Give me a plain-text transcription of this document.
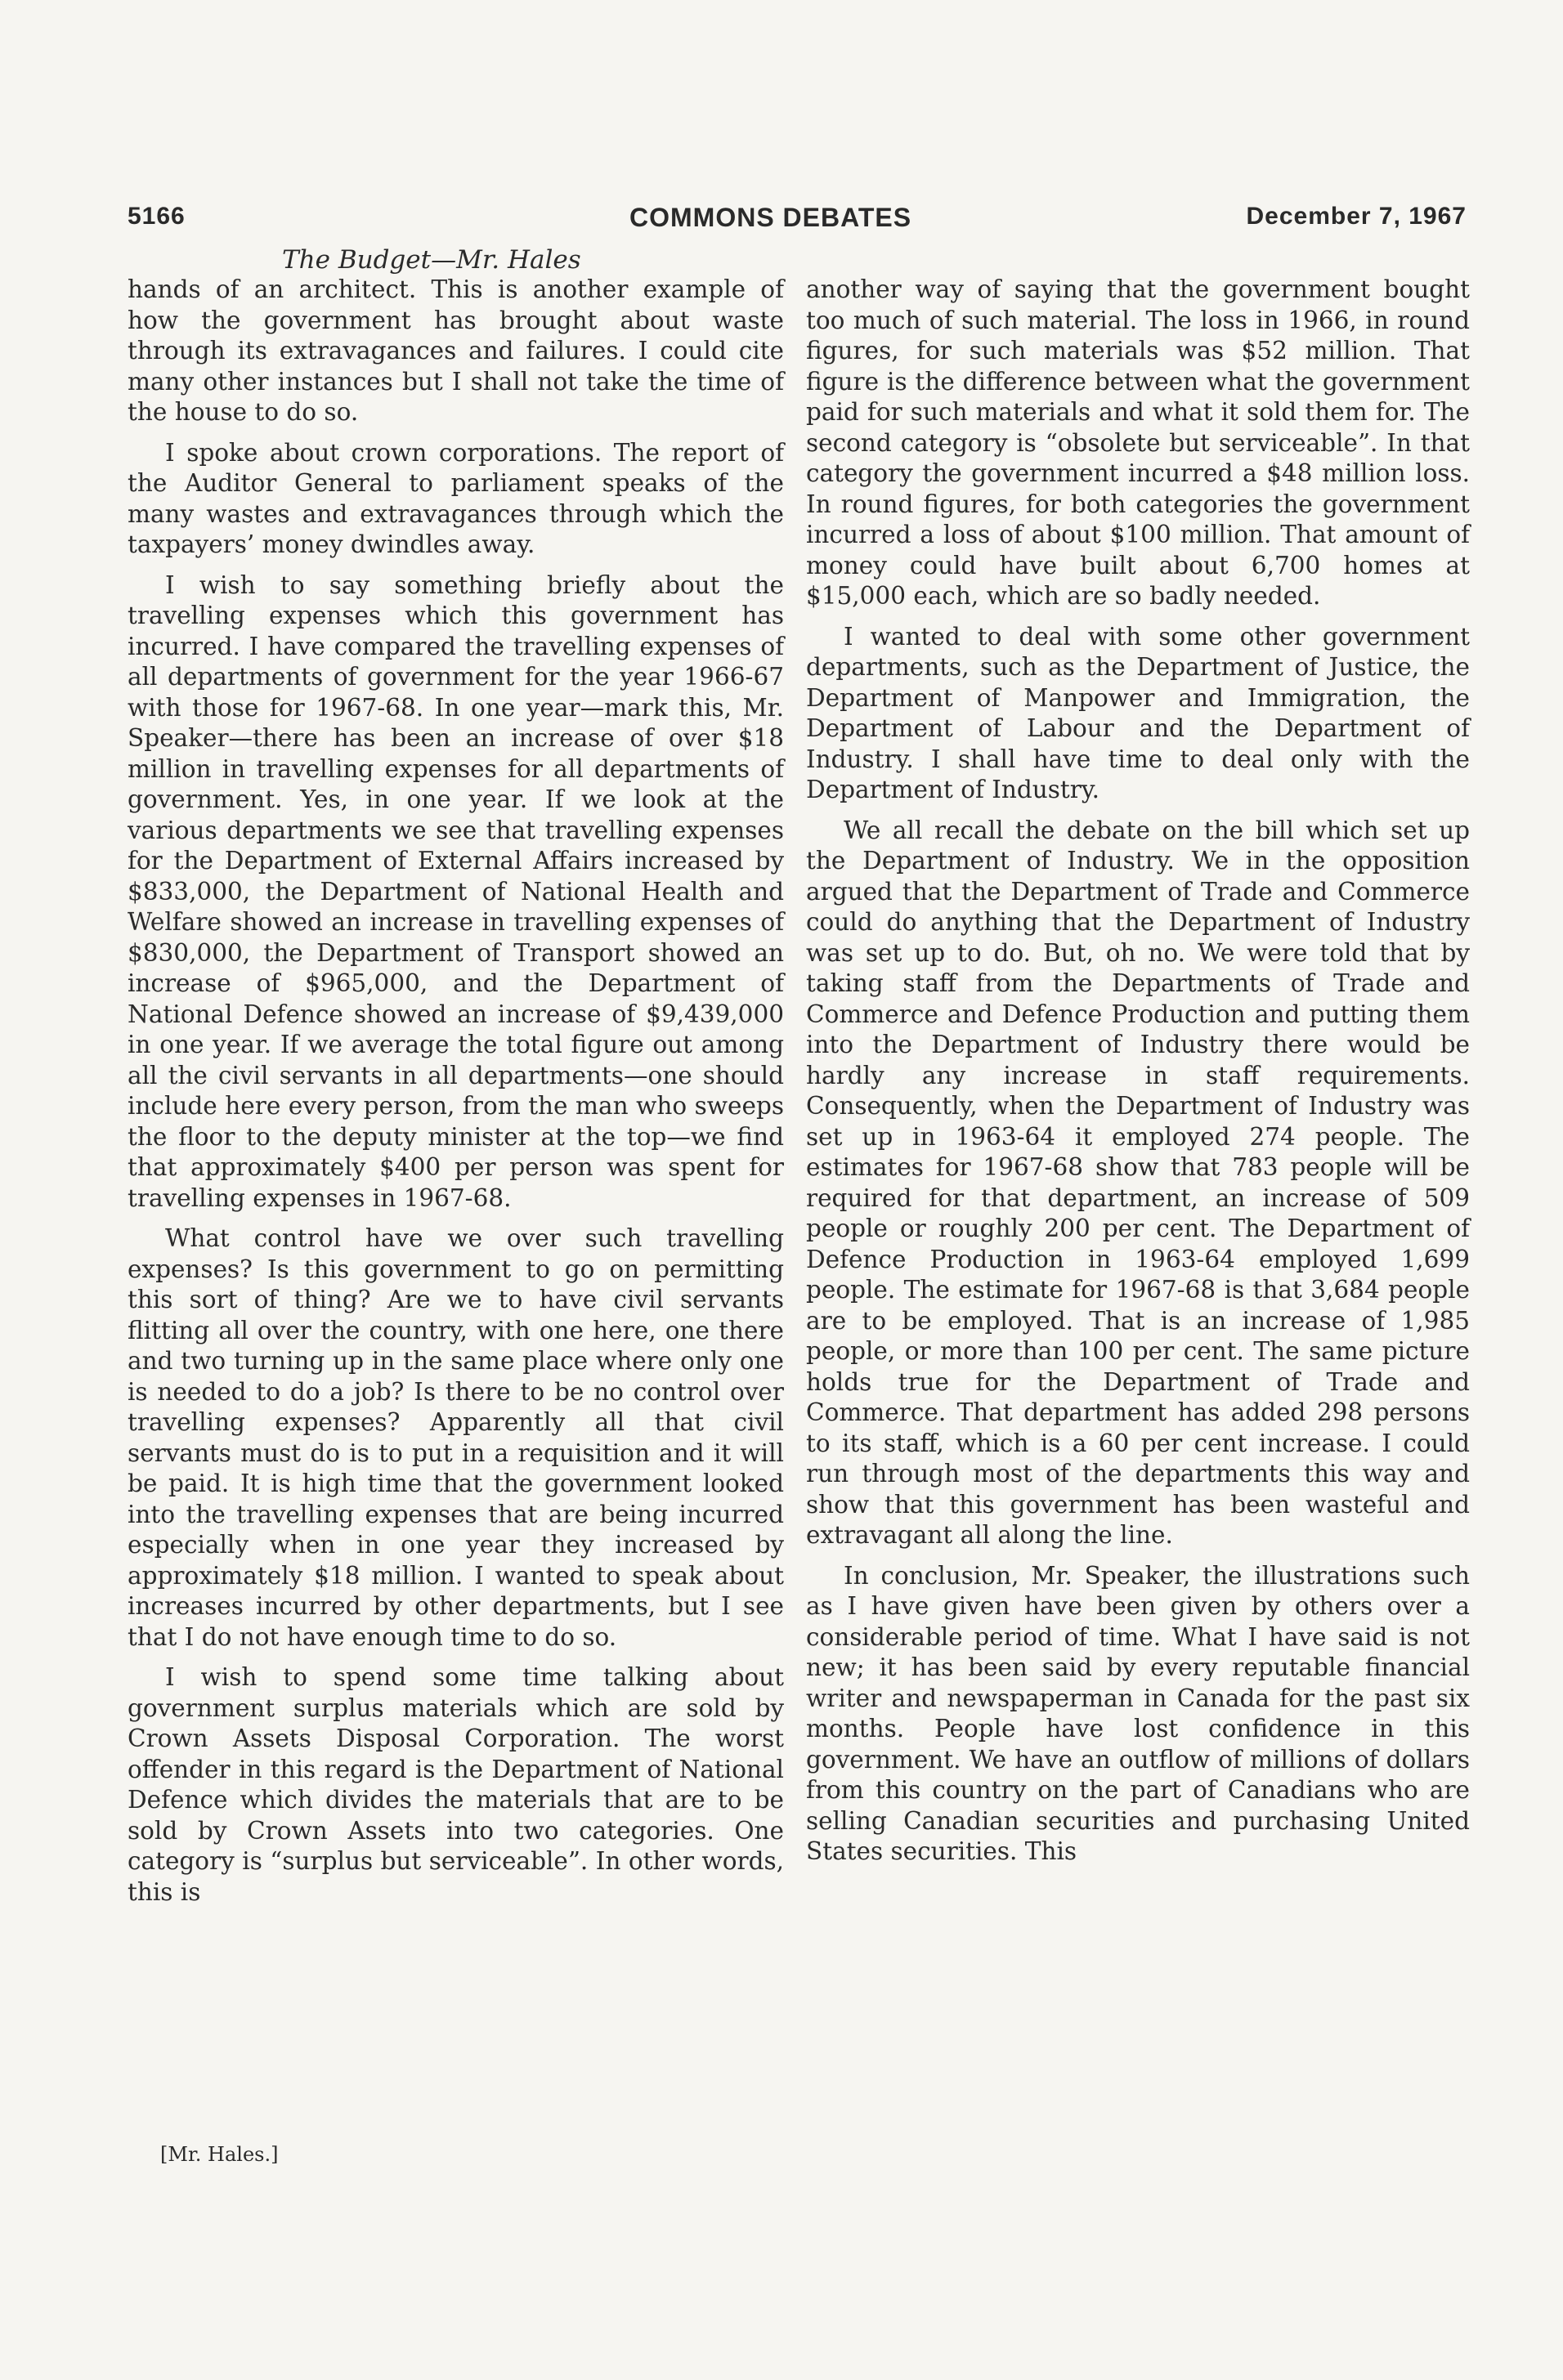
5166	COMMONS DEBATES	December 7, 1967
The Budget—Mr. Hales

hands of an architect. This is another example of how the government has brought about waste through its extravagances and failures. I could cite many other instances but I shall not take the time of the house to do so.

I spoke about crown corporations. The report of the Auditor General to parliament speaks of the many wastes and extravagances through which the taxpayers’ money dwindles away.

I wish to say something briefly about the travelling expenses which this government has incurred. I have compared the travelling expenses of all departments of government for the year 1966-67 with those for 1967-68. In one year—mark this, Mr. Speaker—there has been an increase of over $18 million in travelling expenses for all departments of government. Yes, in one year. If we look at the various departments we see that travelling expenses for the Department of External Affairs increased by $833,000, the Department of National Health and Welfare showed an increase in travelling expenses of $830,000, the Department of Transport showed an increase of $965,000, and the Department of National Defence showed an increase of $9,439,000 in one year. If we average the total figure out among all the civil servants in all departments—one should include here every person, from the man who sweeps the floor to the deputy minister at the top—we find that approximately $400 per person was spent for travelling expenses in 1967-68.

What control have we over such travelling expenses? Is this government to go on permitting this sort of thing? Are we to have civil servants flitting all over the country, with one here, one there and two turning up in the same place where only one is needed to do a job? Is there to be no control over travelling expenses? Apparently all that civil servants must do is to put in a requisition and it will be paid. It is high time that the government looked into the travelling expenses that are being incurred especially when in one year they increased by approximately $18 million. I wanted to speak about increases incurred by other departments, but I see that I do not have enough time to do so.

I wish to spend some time talking about government surplus materials which are sold by Crown Assets Disposal Corporation. The worst offender in this regard is the Department of National Defence which divides the materials that are to be sold by Crown Assets into two categories. One category is “surplus but serviceable”. In other words, this is

another way of saying that the government bought too much of such material. The loss in 1966, in round figures, for such materials was $52 million. That figure is the difference between what the government paid for such materials and what it sold them for. The second category is “obsolete but serviceable”. In that category the government incurred a $48 million loss. In round figures, for both categories the government incurred a loss of about $100 million. That amount of money could have built about 6,700 homes at $15,000 each, which are so badly needed.

I wanted to deal with some other government departments, such as the Department of Justice, the Department of Manpower and Immigration, the Department of Labour and the Department of Industry. I shall have time to deal only with the Department of Industry.

We all recall the debate on the bill which set up the Department of Industry. We in the opposition argued that the Department of Trade and Commerce could do anything that the Department of Industry was set up to do. But, oh no. We were told that by taking staff from the Departments of Trade and Commerce and Defence Production and putting them into the Department of Industry there would be hardly any increase in staff requirements. Consequently, when the Department of Industry was set up in 1963-64 it employed 274 people. The estimates for 1967-68 show that 783 people will be required for that department, an increase of 509 people or roughly 200 per cent. The Department of Defence Production in 1963-64 employed 1,699 people. The estimate for 1967-68 is that 3,684 people are to be employed. That is an increase of 1,985 people, or more than 100 per cent. The same picture holds true for the Department of Trade and Commerce. That department has added 298 persons to its staff, which is a 60 per cent increase. I could run through most of the departments this way and show that this government has been wasteful and extravagant all along the line.

In conclusion, Mr. Speaker, the illustrations such as I have given have been given by others over a considerable period of time. What I have said is not new; it has been said by every reputable financial writer and newspaperman in Canada for the past six months. People have lost confidence in this government. We have an outflow of millions of dollars from this country on the part of Canadians who are selling Canadian securities and purchasing United States securities. This

[Mr. Hales.]
